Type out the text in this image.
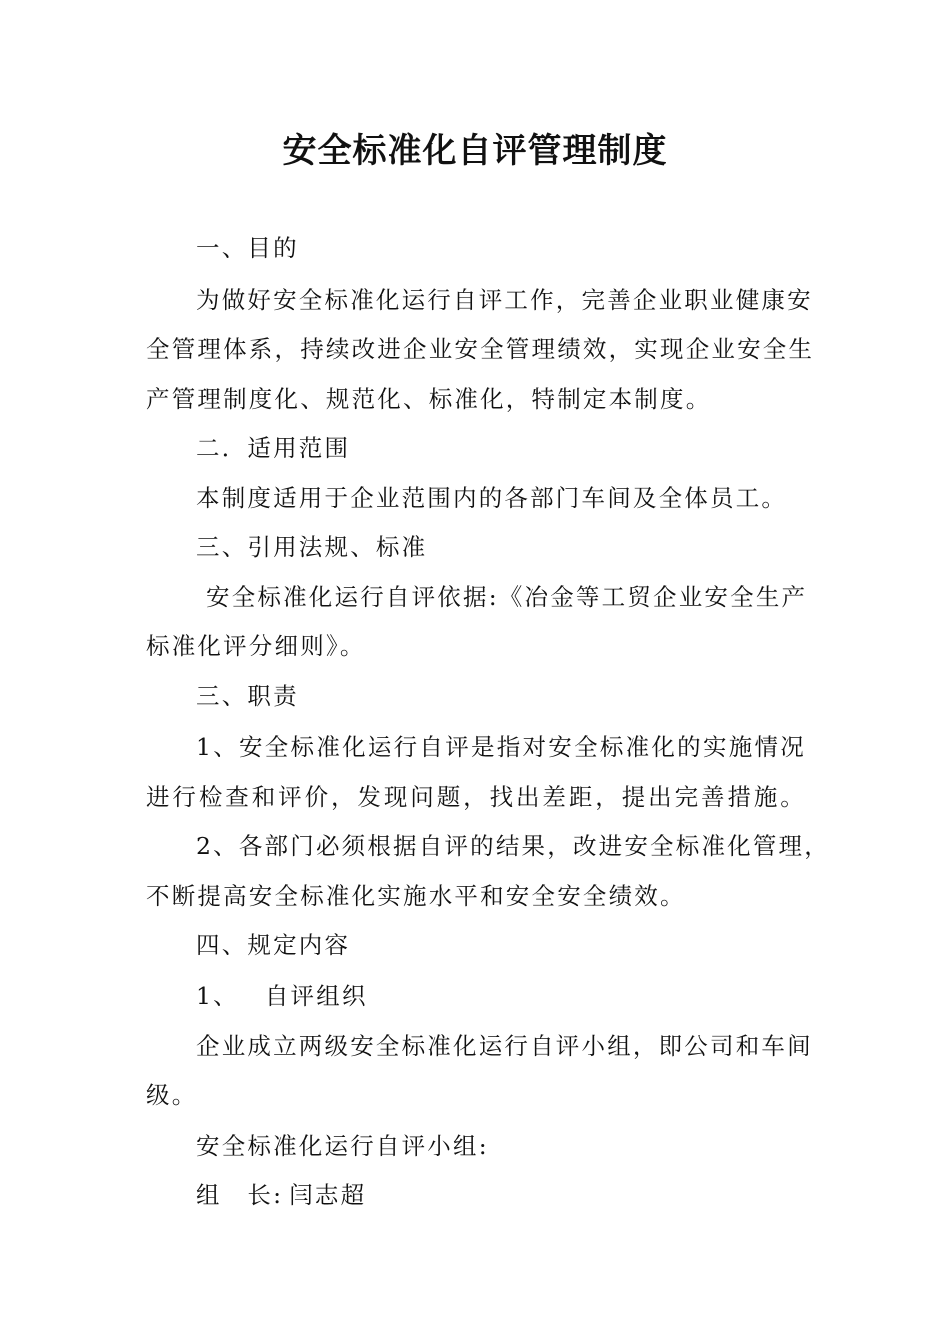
安全标准化自评管理制度
一、目的
为做好安全标准化运行自评工作，完善企业职业健康安
全管理体系，持续改进企业安全管理绩效，实现企业安全生
产管理制度化、规范化、标准化，特制定本制度。
二．适用范围
本制度适用于企业范围内的各部门车间及全体员工。
三、引用法规、标准
安全标准化运行自评依据:《冶金等工贸企业安全生产
标准化评分细则》。
三、职责
1、安全标准化运行自评是指对安全标准化的实施情况
进行检查和评价，发现问题，找出差距，提出完善措施。
2、各部门必须根据自评的结果，改进安全标准化管理，
不断提高安全标准化实施水平和安全安全绩效。
四、规定内容
1、 自评组织
企业成立两级安全标准化运行自评小组，即公司和车间
级。
安全标准化运行自评小组:
组　长: 闫志超
